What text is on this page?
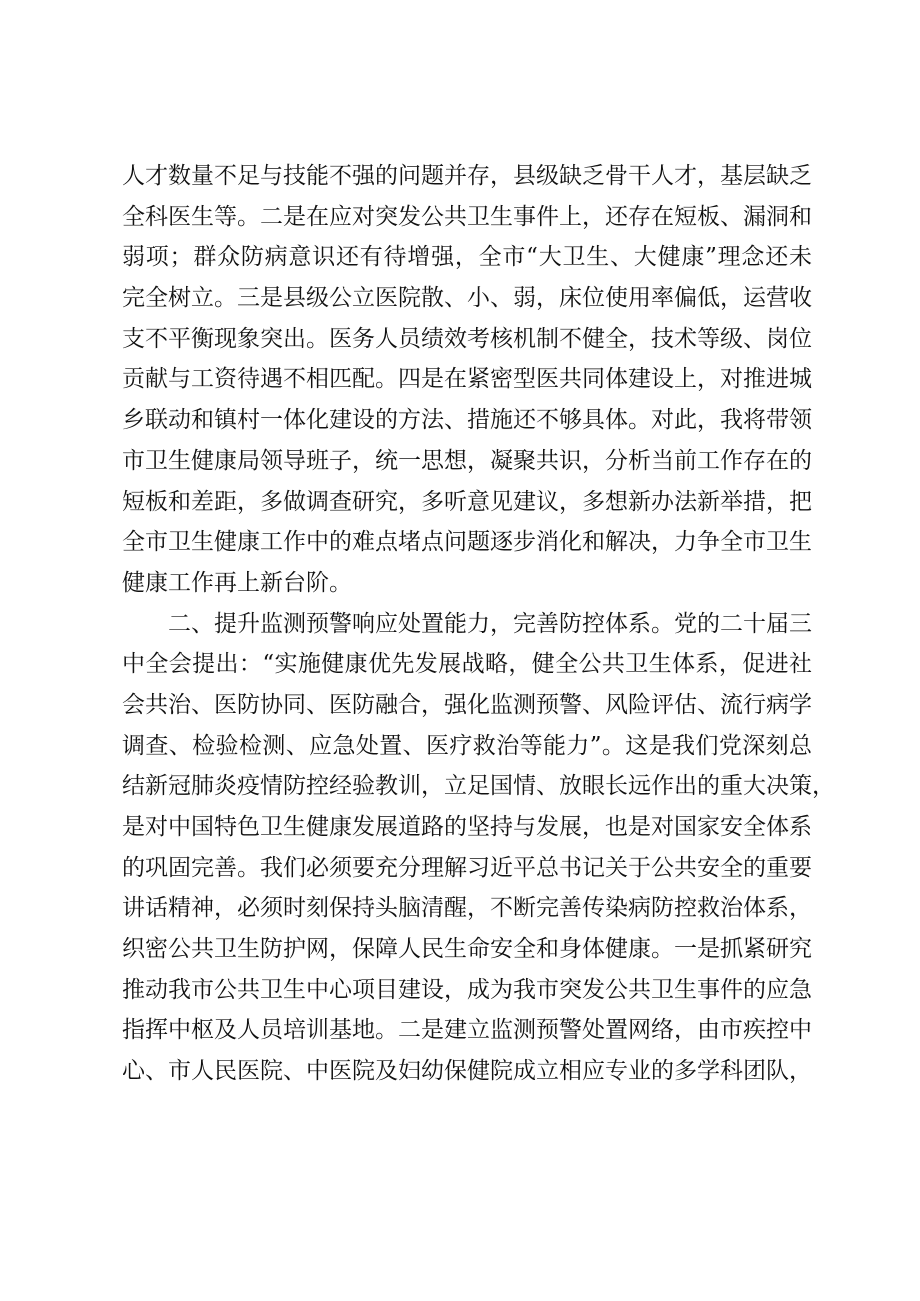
人才数量不足与技能不强的问题并存，县级缺乏骨干人才，基层缺乏
全科医生等。二是在应对突发公共卫生事件上，还存在短板、漏洞和
弱项；群众防病意识还有待增强，全市“大卫生、大健康”理念还未
完全树立。三是县级公立医院散、小、弱，床位使用率偏低，运营收
支不平衡现象突出。医务人员绩效考核机制不健全，技术等级、岗位
贡献与工资待遇不相匹配。四是在紧密型医共同体建设上，对推进城
乡联动和镇村一体化建设的方法、措施还不够具体。对此，我将带领
市卫生健康局领导班子，统一思想，凝聚共识，分析当前工作存在的
短板和差距，多做调查研究，多听意见建议，多想新办法新举措，把
全市卫生健康工作中的难点堵点问题逐步消化和解决，力争全市卫生
健康工作再上新台阶。
二、提升监测预警响应处置能力，完善防控体系。党的二十届三
中全会提出：“实施健康优先发展战略，健全公共卫生体系，促进社
会共治、医防协同、医防融合，强化监测预警、风险评估、流行病学
调查、检验检测、应急处置、医疗救治等能力”。这是我们党深刻总
结新冠肺炎疫情防控经验教训，立足国情、放眼长远作出的重大决策，
是对中国特色卫生健康发展道路的坚持与发展，也是对国家安全体系
的巩固完善。我们必须要充分理解习近平总书记关于公共安全的重要
讲话精神，必须时刻保持头脑清醒，不断完善传染病防控救治体系，
织密公共卫生防护网，保障人民生命安全和身体健康。一是抓紧研究
推动我市公共卫生中心项目建设，成为我市突发公共卫生事件的应急
指挥中枢及人员培训基地。二是建立监测预警处置网络，由市疾控中
心、市人民医院、中医院及妇幼保健院成立相应专业的多学科团队，
